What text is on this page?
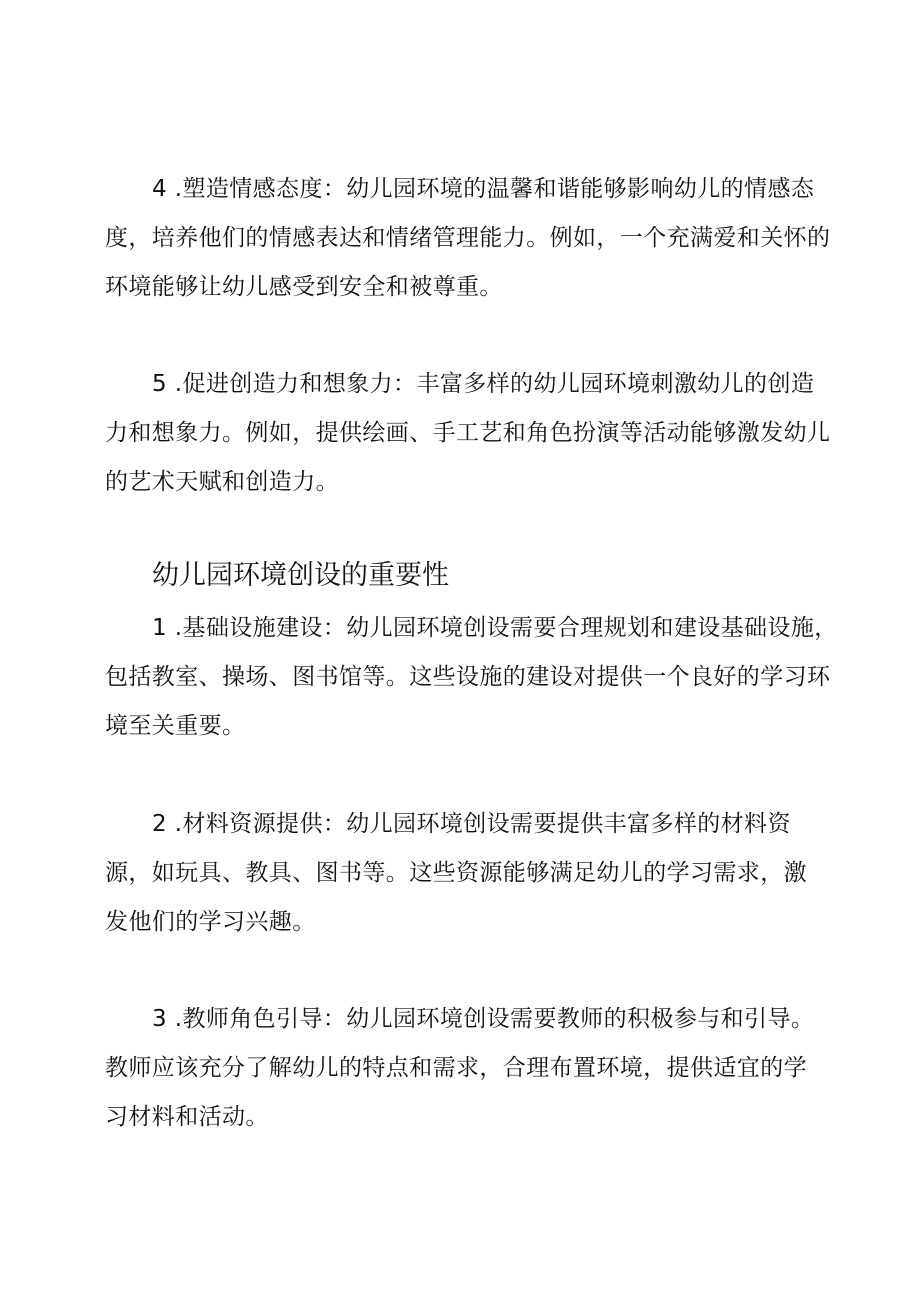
4 .塑造情感态度：幼儿园环境的温馨和谐能够影响幼儿的情感态
度，培养他们的情感表达和情绪管理能力。例如，一个充满爱和关怀的
环境能够让幼儿感受到安全和被尊重。

5 .促进创造力和想象力：丰富多样的幼儿园环境刺激幼儿的创造
力和想象力。例如，提供绘画、手工艺和角色扮演等活动能够激发幼儿
的艺术天赋和创造力。

幼儿园环境创设的重要性

1 .基础设施建设：幼儿园环境创设需要合理规划和建设基础设施，
包括教室、操场、图书馆等。这些设施的建设对提供一个良好的学习环
境至关重要。

2 .材料资源提供：幼儿园环境创设需要提供丰富多样的材料资
源，如玩具、教具、图书等。这些资源能够满足幼儿的学习需求，激
发他们的学习兴趣。

3 .教师角色引导：幼儿园环境创设需要教师的积极参与和引导。
教师应该充分了解幼儿的特点和需求，合理布置环境，提供适宜的学
习材料和活动。
